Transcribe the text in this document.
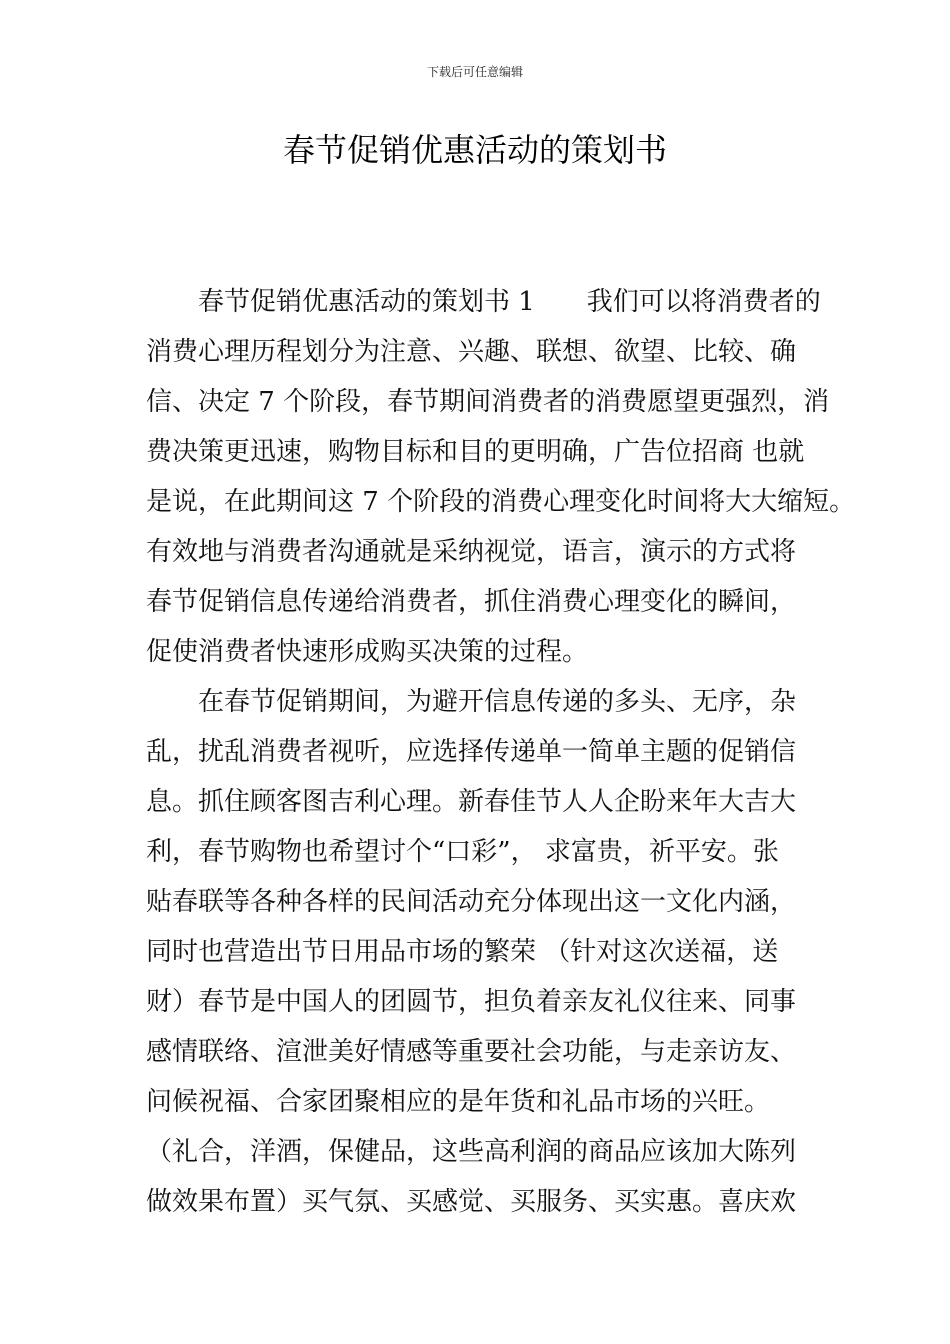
下载后可任意编辑
春节促销优惠活动的策划书
春节促销优惠活动的策划书 1　　我们可以将消费者的
消费心理历程划分为注意、兴趣、联想、欲望、比较、确
信、决定 7 个阶段，春节期间消费者的消费愿望更强烈，消
费决策更迅速，购物目标和目的更明确，广告位招商 也就
是说，在此期间这 7 个阶段的消费心理变化时间将大大缩短。
有效地与消费者沟通就是采纳视觉，语言，演示的方式将
春节促销信息传递给消费者，抓住消费心理变化的瞬间，
促使消费者快速形成购买决策的过程。
在春节促销期间，为避开信息传递的多头、无序，杂
乱，扰乱消费者视听，应选择传递单一简单主题的促销信
息。抓住顾客图吉利心理。新春佳节人人企盼来年大吉大
利，春节购物也希望讨个“口彩”， 求富贵，祈平安。张
贴春联等各种各样的民间活动充分体现出这一文化内涵，
同时也营造出节日用品市场的繁荣 （针对这次送福，送
财）春节是中国人的团圆节，担负着亲友礼仪往来、同事
感情联络、渲泄美好情感等重要社会功能，与走亲访友、
问候祝福、合家团聚相应的是年货和礼品市场的兴旺。
（礼合，洋酒，保健品，这些高利润的商品应该加大陈列
做效果布置）买气氛、买感觉、买服务、买实惠。喜庆欢
